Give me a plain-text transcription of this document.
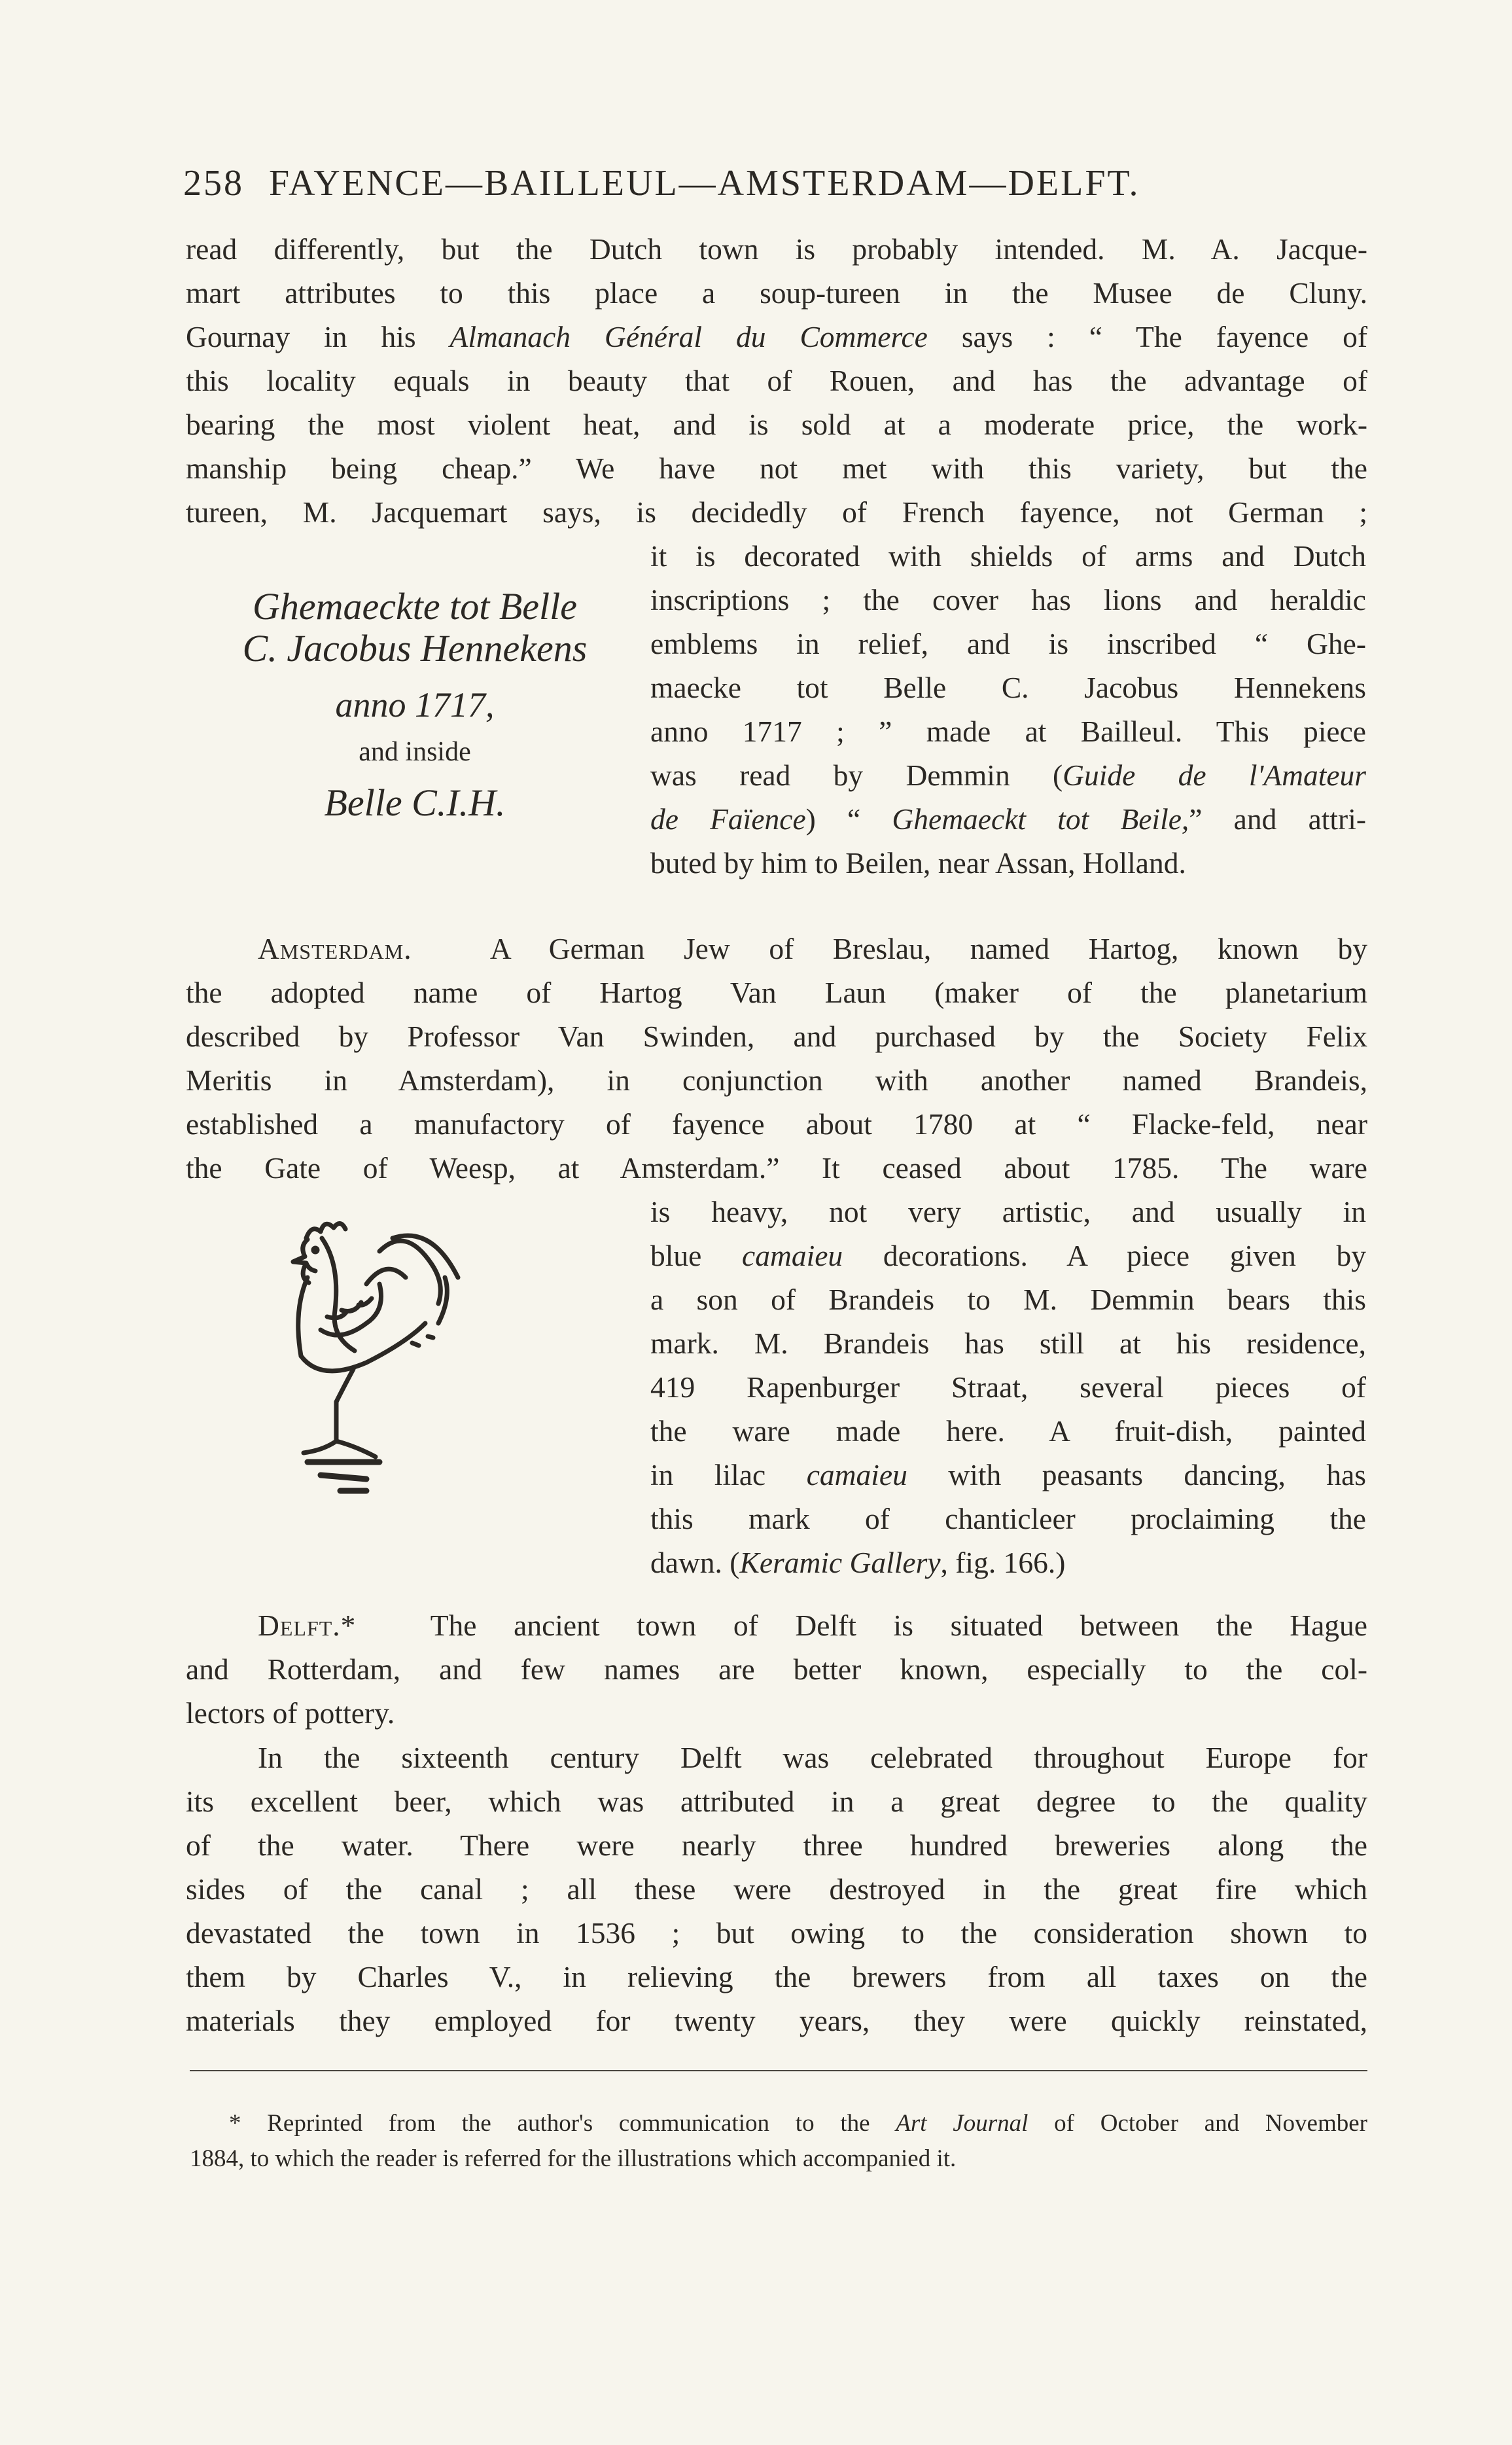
258 FAYENCE—BAILLEUL—AMSTERDAM—DELFT.
read differently, but the Dutch town is probably intended. M. A. Jacque-
mart attributes to this place a soup-tureen in the Musee de Cluny.
Gournay in his Almanach Général du Commerce says : “ The fayence of
this locality equals in beauty that of Rouen, and has the advantage of
bearing the most violent heat, and is sold at a moderate price, the work-
manship being cheap.” We have not met with this variety, but the
tureen, M. Jacquemart says, is decidedly of French fayence, not German ;
Ghemaeckte tot Belle
C. Jacobus Hennekens
anno 1717,
and inside
Belle C.I.H.
it is decorated with shields of arms and Dutch
inscriptions ; the cover has lions and heraldic
emblems in relief, and is inscribed “ Ghe-
maecke tot Belle C. Jacobus Hennekens
anno 1717 ; ” made at Bailleul. This piece
was read by Demmin (Guide de l'Amateur
de Faïence) “ Ghemaeckt tot Beile,” and attri-
buted by him to Beilen, near Assan, Holland.
Amsterdam.	A German Jew of Breslau, named Hartog, known by
the adopted name of Hartog Van Laun (maker of the planetarium
described by Professor Van Swinden, and purchased by the Society Felix
Meritis in Amsterdam), in conjunction with another named Brandeis,
established a manufactory of fayence about 1780 at “ Flacke-feld, near
the Gate of Weesp, at Amsterdam.” It ceased about 1785. The ware
is heavy, not very artistic, and usually in
blue camaieu decorations. A piece given by
a son of Brandeis to M. Demmin bears this
mark. M. Brandeis has still at his residence,
419 Rapenburger Straat, several pieces of
the ware made here. A fruit-dish, painted
in lilac camaieu with peasants dancing, has
this mark of chanticleer proclaiming the
dawn. (Keramic Gallery, fig. 166.)
Delft.* The ancient town of Delft is situated between the Hague
and Rotterdam, and few names are better known, especially to the col-
lectors of pottery.
In the sixteenth century Delft was celebrated throughout Europe for
its excellent beer, which was attributed in a great degree to the quality
of the water. There were nearly three hundred breweries along the
sides of the canal ; all these were destroyed in the great fire which
devastated the town in 1536 ; but owing to the consideration shown to
them by Charles V., in relieving the brewers from all taxes on the
materials they employed for twenty years, they were quickly reinstated,
* Reprinted from the author's communication to the Art Journal of October and November
1884, to which the reader is referred for the illustrations which accompanied it.
